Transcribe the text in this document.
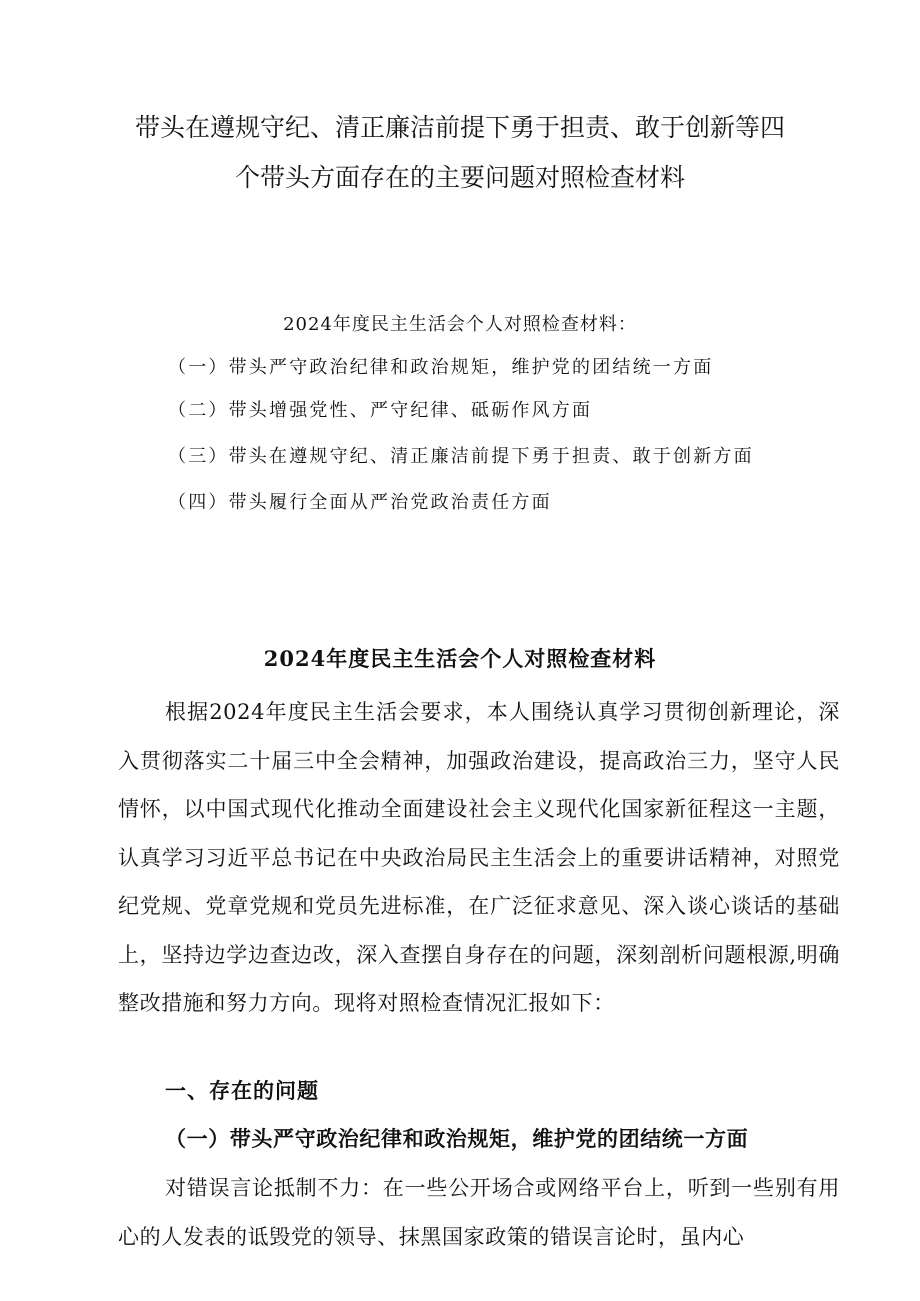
带头在遵规守纪、清正廉洁前提下勇于担责、敢于创新等四
个带头方面存在的主要问题对照检查材料
2024年度民主生活会个人对照检查材料：
（一）带头严守政治纪律和政治规矩，维护党的团结统一方面
（二）带头增强党性、严守纪律、砥砺作风方面
（三）带头在遵规守纪、清正廉洁前提下勇于担责、敢于创新方面
（四）带头履行全面从严治党政治责任方面
2024年度民主生活会个人对照检查材料

根据2024年度民主生活会要求，本人围绕认真学习贯彻创新理论，深入贯彻落实二十届三中全会精神，加强政治建设，提高政治三力，坚守人民情怀，以中国式现代化推动全面建设社会主义现代化国家新征程这一主题，认真学习习近平总书记在中央政治局民主生活会上的重要讲话精神，对照党纪党规、党章党规和党员先进标准，在广泛征求意见、深入谈心谈话的基础上，坚持边学边查边改，深入查摆自身存在的问题，深刻剖析问题根源,明确整改措施和努力方向。现将对照检查情况汇报如下：

一、存在的问题
（一）带头严守政治纪律和政治规矩，维护党的团结统一方面

对错误言论抵制不力：在一些公开场合或网络平台上，听到一些别有用心的人发表的诋毁党的领导、抹黑国家政策的错误言论时，虽内心
